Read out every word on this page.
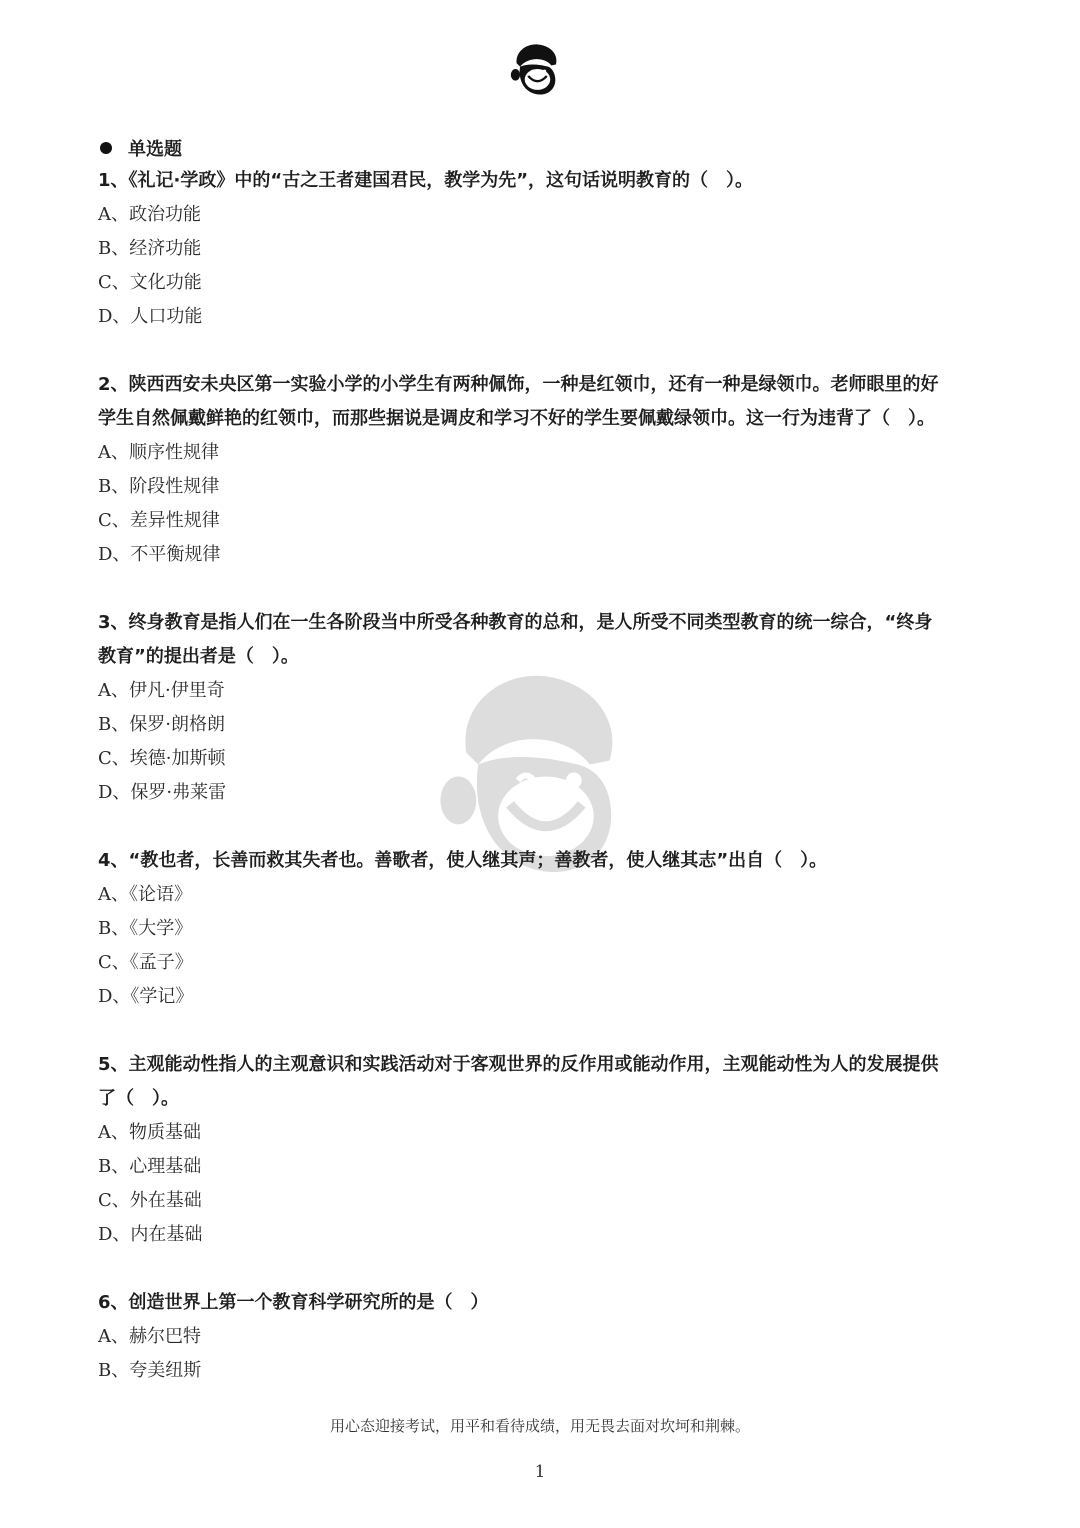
单选题
1、《礼记·学政》中的“古之王者建国君民，教学为先”，这句话说明教育的（　）。
A、政治功能
B、经济功能
C、文化功能
D、人口功能
2、陕西西安未央区第一实验小学的小学生有两种佩饰，一种是红领巾，还有一种是绿领巾。老师眼里的好
学生自然佩戴鲜艳的红领巾，而那些据说是调皮和学习不好的学生要佩戴绿领巾。这一行为违背了（　）。
A、顺序性规律
B、阶段性规律
C、差异性规律
D、不平衡规律
3、终身教育是指人们在一生各阶段当中所受各种教育的总和，是人所受不同类型教育的统一综合，“终身
教育”的提出者是（　）。
A、伊凡·伊里奇
B、保罗·朗格朗
C、埃德·加斯顿
D、保罗·弗莱雷
4、“教也者，长善而救其失者也。善歌者，使人继其声；善教者，使人继其志”出自（　）。
A、《论语》
B、《大学》
C、《孟子》
D、《学记》
5、主观能动性指人的主观意识和实践活动对于客观世界的反作用或能动作用，主观能动性为人的发展提供
了（　）。
A、物质基础
B、心理基础
C、外在基础
D、内在基础
6、创造世界上第一个教育科学研究所的是（　）
A、赫尔巴特
B、夸美纽斯
用心态迎接考试，用平和看待成绩，用无畏去面对坎坷和荆棘。
1
